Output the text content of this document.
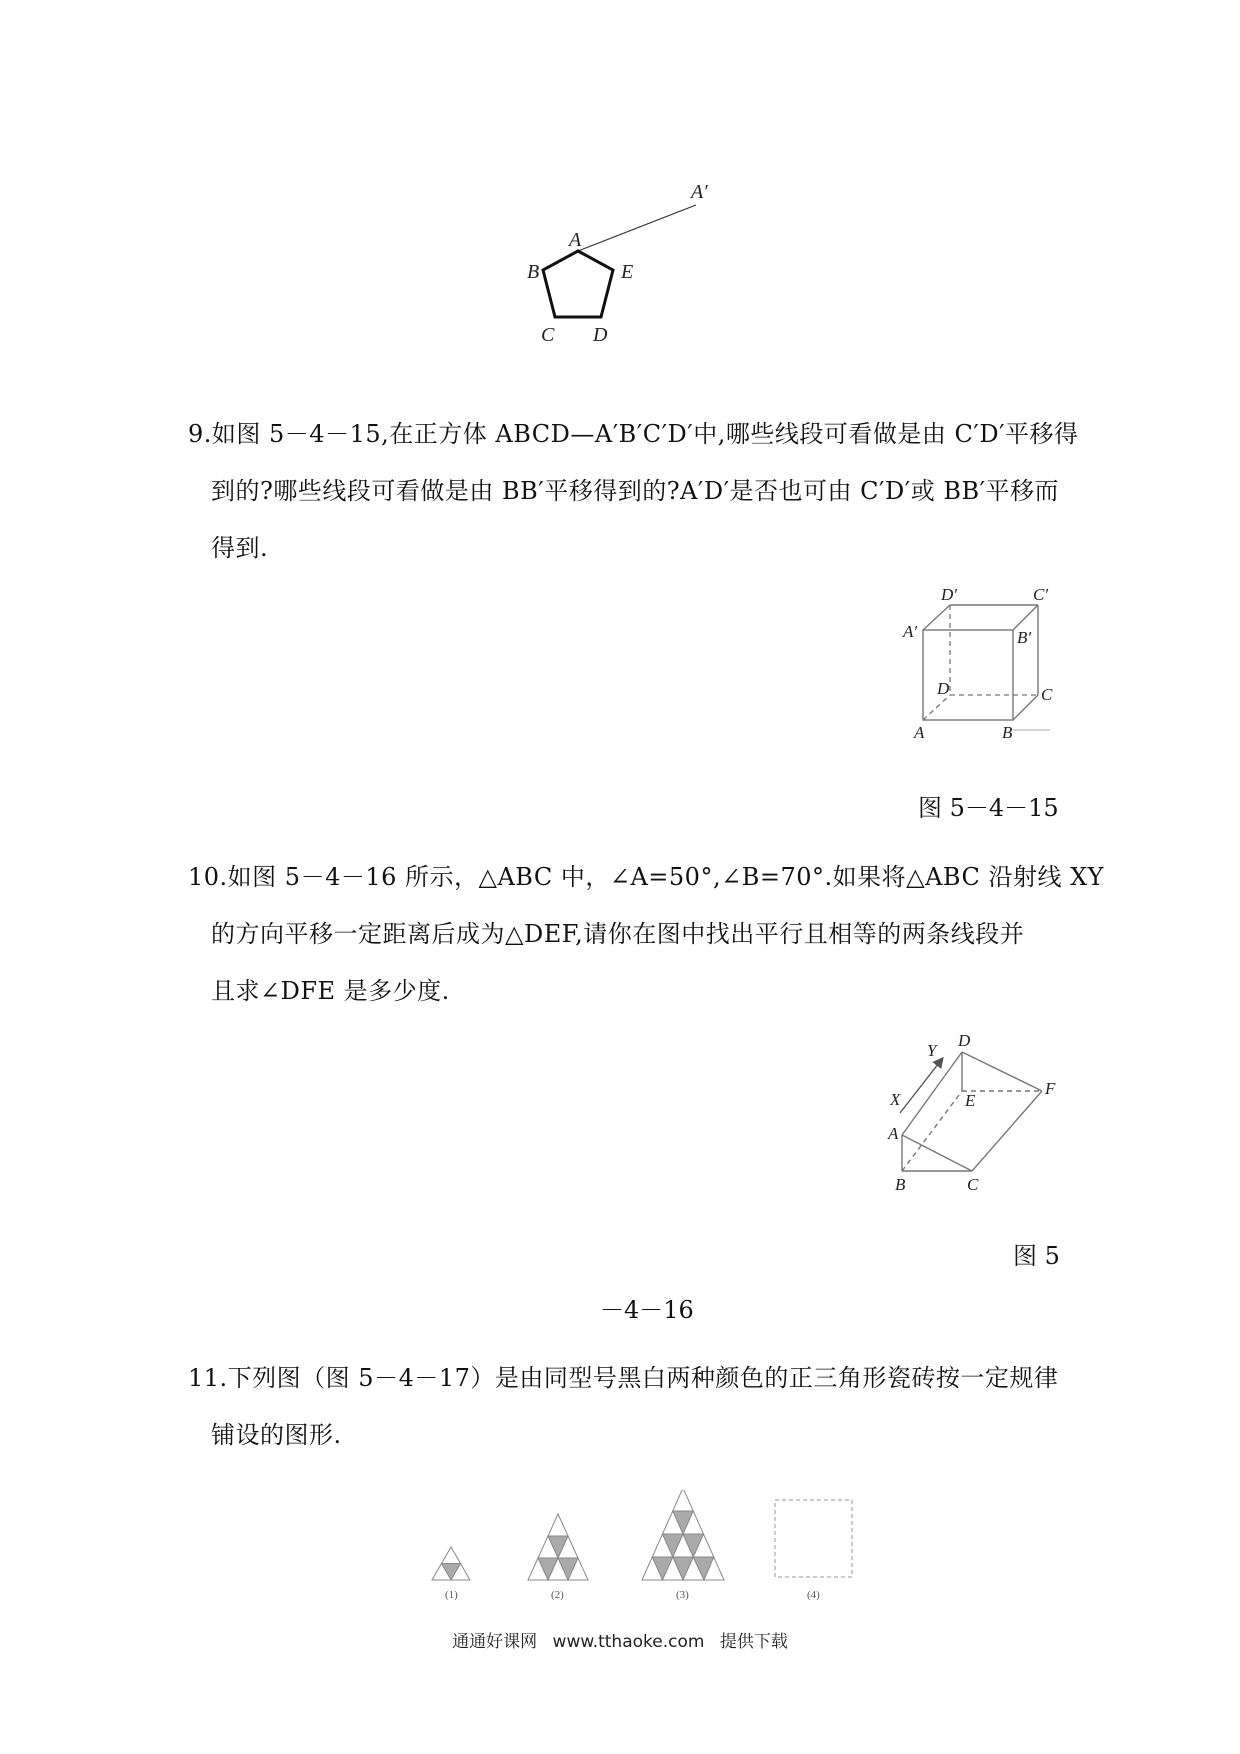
A′
A
B	E
C D
9.如图 5－4－15,在正方体 ABCD—A′B′C′D′中,哪些线段可看做是由 C′D′平移得
到的?哪些线段可看做是由 BB′平移得到的?A′D′是否也可由 C′D′或 BB′平移而
得到.
D′	C′
A′	B′
D	C
A	B
图 5－4－15
10.如图 5－4－16 所示，△ABC 中，∠A=50°,∠B=70°.如果将△ABC 沿射线 XY
的方向平移一定距离后成为△DEF,请你在图中找出平行且相等的两条线段并
且求∠DFE 是多少度.
D
Y
X	E
F
A
B	C
图 5
－4－16
11.下列图（图 5－4－17）是由同型号黑白两种颜色的正三角形瓷砖按一定规律
铺设的图形.
(1)	(2)	(3)	(4)
通通好课网 www.tthaoke.com 提供下载
